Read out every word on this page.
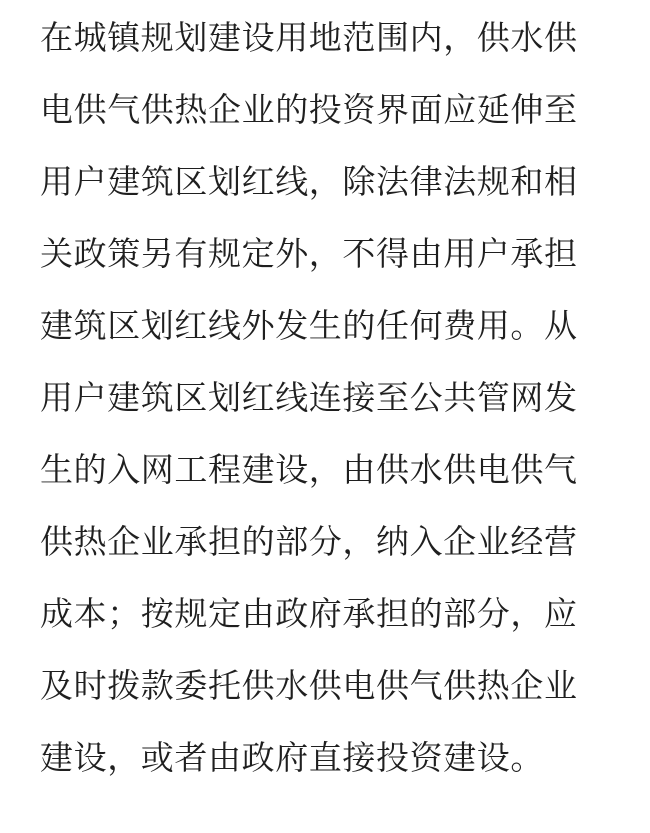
在城镇规划建设用地范围内，供水供
电供气供热企业的投资界面应延伸至
用户建筑区划红线，除法律法规和相
关政策另有规定外，不得由用户承担
建筑区划红线外发生的任何费用。从
用户建筑区划红线连接至公共管网发
生的入网工程建设，由供水供电供气
供热企业承担的部分，纳入企业经营
成本；按规定由政府承担的部分，应
及时拨款委托供水供电供气供热企业
建设，或者由政府直接投资建设。
